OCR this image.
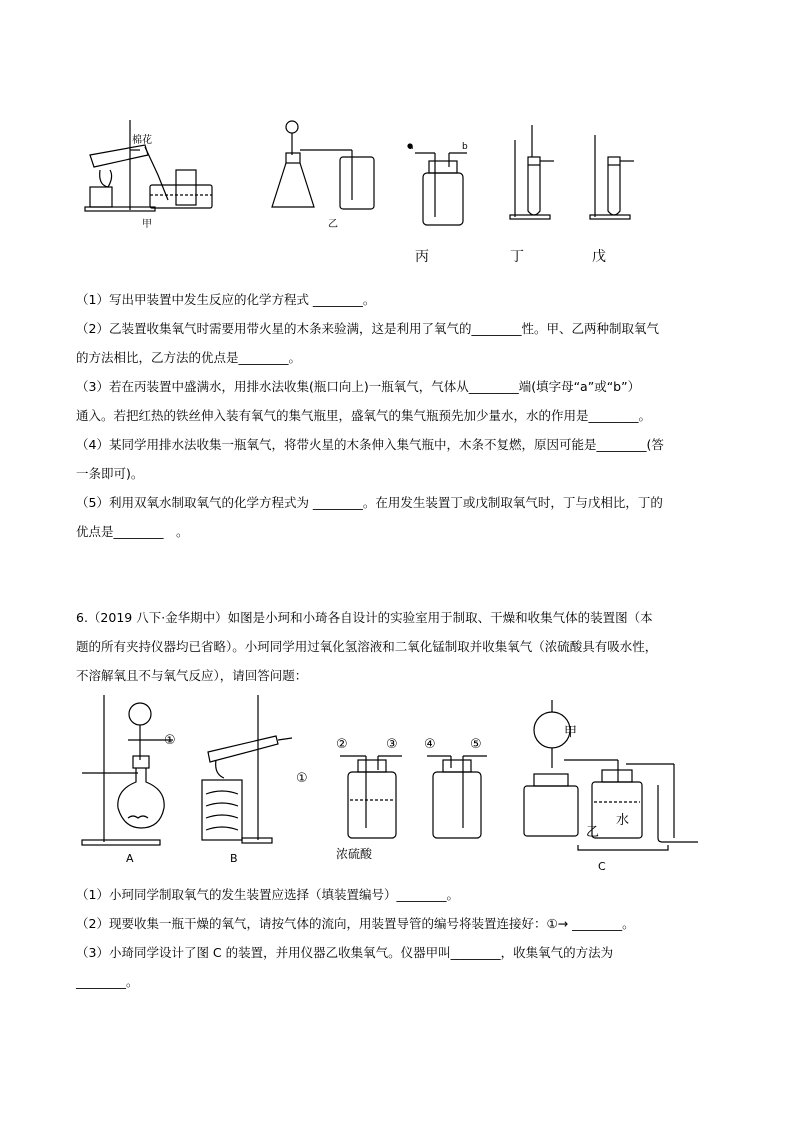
棉花
甲	乙
a	b
丙	丁	戊
（1）写出甲装置中发生反应的化学方程式 ________。
（2）乙装置收集氧气时需要用带火星的木条来验满，这是利用了氧气的________性。甲、乙两种制取氧气
的方法相比，乙方法的优点是________。
（3）若在丙装置中盛满水，用排水法收集(瓶口向上)一瓶氧气，气体从________端(填字母“a”或“b”）
通入。若把红热的铁丝伸入装有氧气的集气瓶里，盛氧气的集气瓶预先加少量水，水的作用是________。
（4）某同学用排水法收集一瓶氧气，将带火星的木条伸入集气瓶中，木条不复燃，原因可能是________(答
一条即可)。
（5）利用双氧水制取氧气的化学方程式为 ________。在用发生装置丁或戊制取氧气时，丁与戊相比，丁的
优点是________　。
6.（2019 八下·金华期中）如图是小珂和小琦各自设计的实验室用于制取、干燥和收集气体的装置图（本
题的所有夹持仪器均已省略）。小珂同学用过氧化氢溶液和二氧化锰制取并收集氧气（浓硫酸具有吸水性，
不溶解氧且不与氧气反应），请回答问题：
①
①
②	③ ④	⑤
A	B	浓硫酸
甲
乙
水
C
（1）小珂同学制取氧气的发生装置应选择（填装置编号）________。
（2）现要收集一瓶干燥的氧气，请按气体的流向，用装置导管的编号将装置连接好：①→ ________。
（3）小琦同学设计了图 C 的装置，并用仪器乙收集氧气。仪器甲叫________，收集氧气的方法为
________。
